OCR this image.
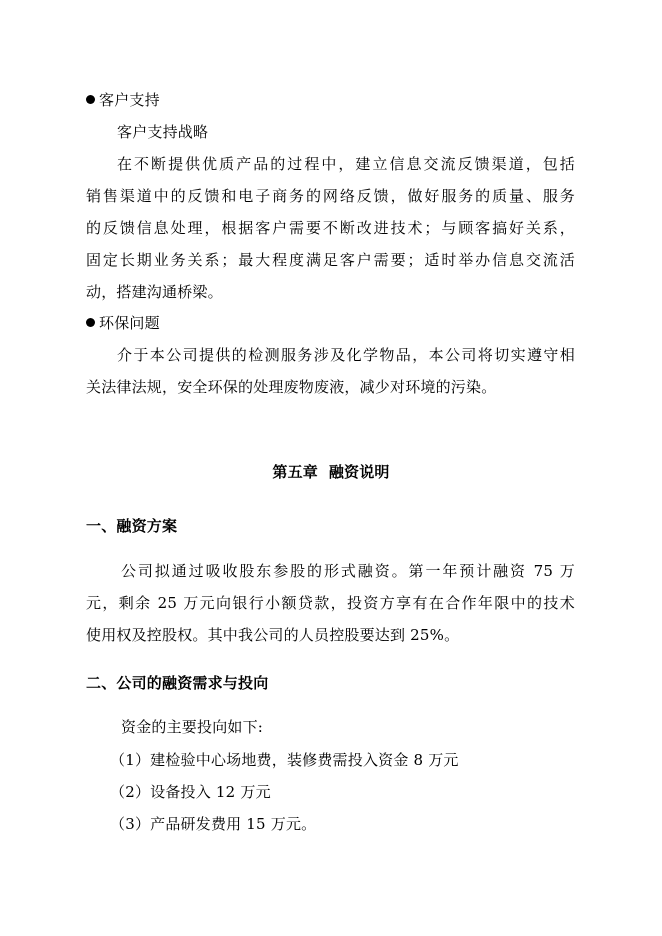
客户支持
客户支持战略
在不断提供优质产品的过程中，建立信息交流反馈渠道，包括
销售渠道中的反馈和电子商务的网络反馈，做好服务的质量、服务
的反馈信息处理，根据客户需要不断改进技术；与顾客搞好关系，
固定长期业务关系；最大程度满足客户需要；适时举办信息交流活
动，搭建沟通桥梁。
环保问题
介于本公司提供的检测服务涉及化学物品，本公司将切实遵守相
关法律法规，安全环保的处理废物废液，减少对环境的污染。
第五章  融资说明
一、融资方案
公司拟通过吸收股东参股的形式融资。第一年预计融资 75 万
元，剩余 25 万元向银行小额贷款，投资方享有在合作年限中的技术
使用权及控股权。其中我公司的人员控股要达到 25%。
二、公司的融资需求与投向
资金的主要投向如下:
（1）建检验中心场地费，装修费需投入资金 8 万元
（2）设备投入 12 万元
（3）产品研发费用 15 万元。
